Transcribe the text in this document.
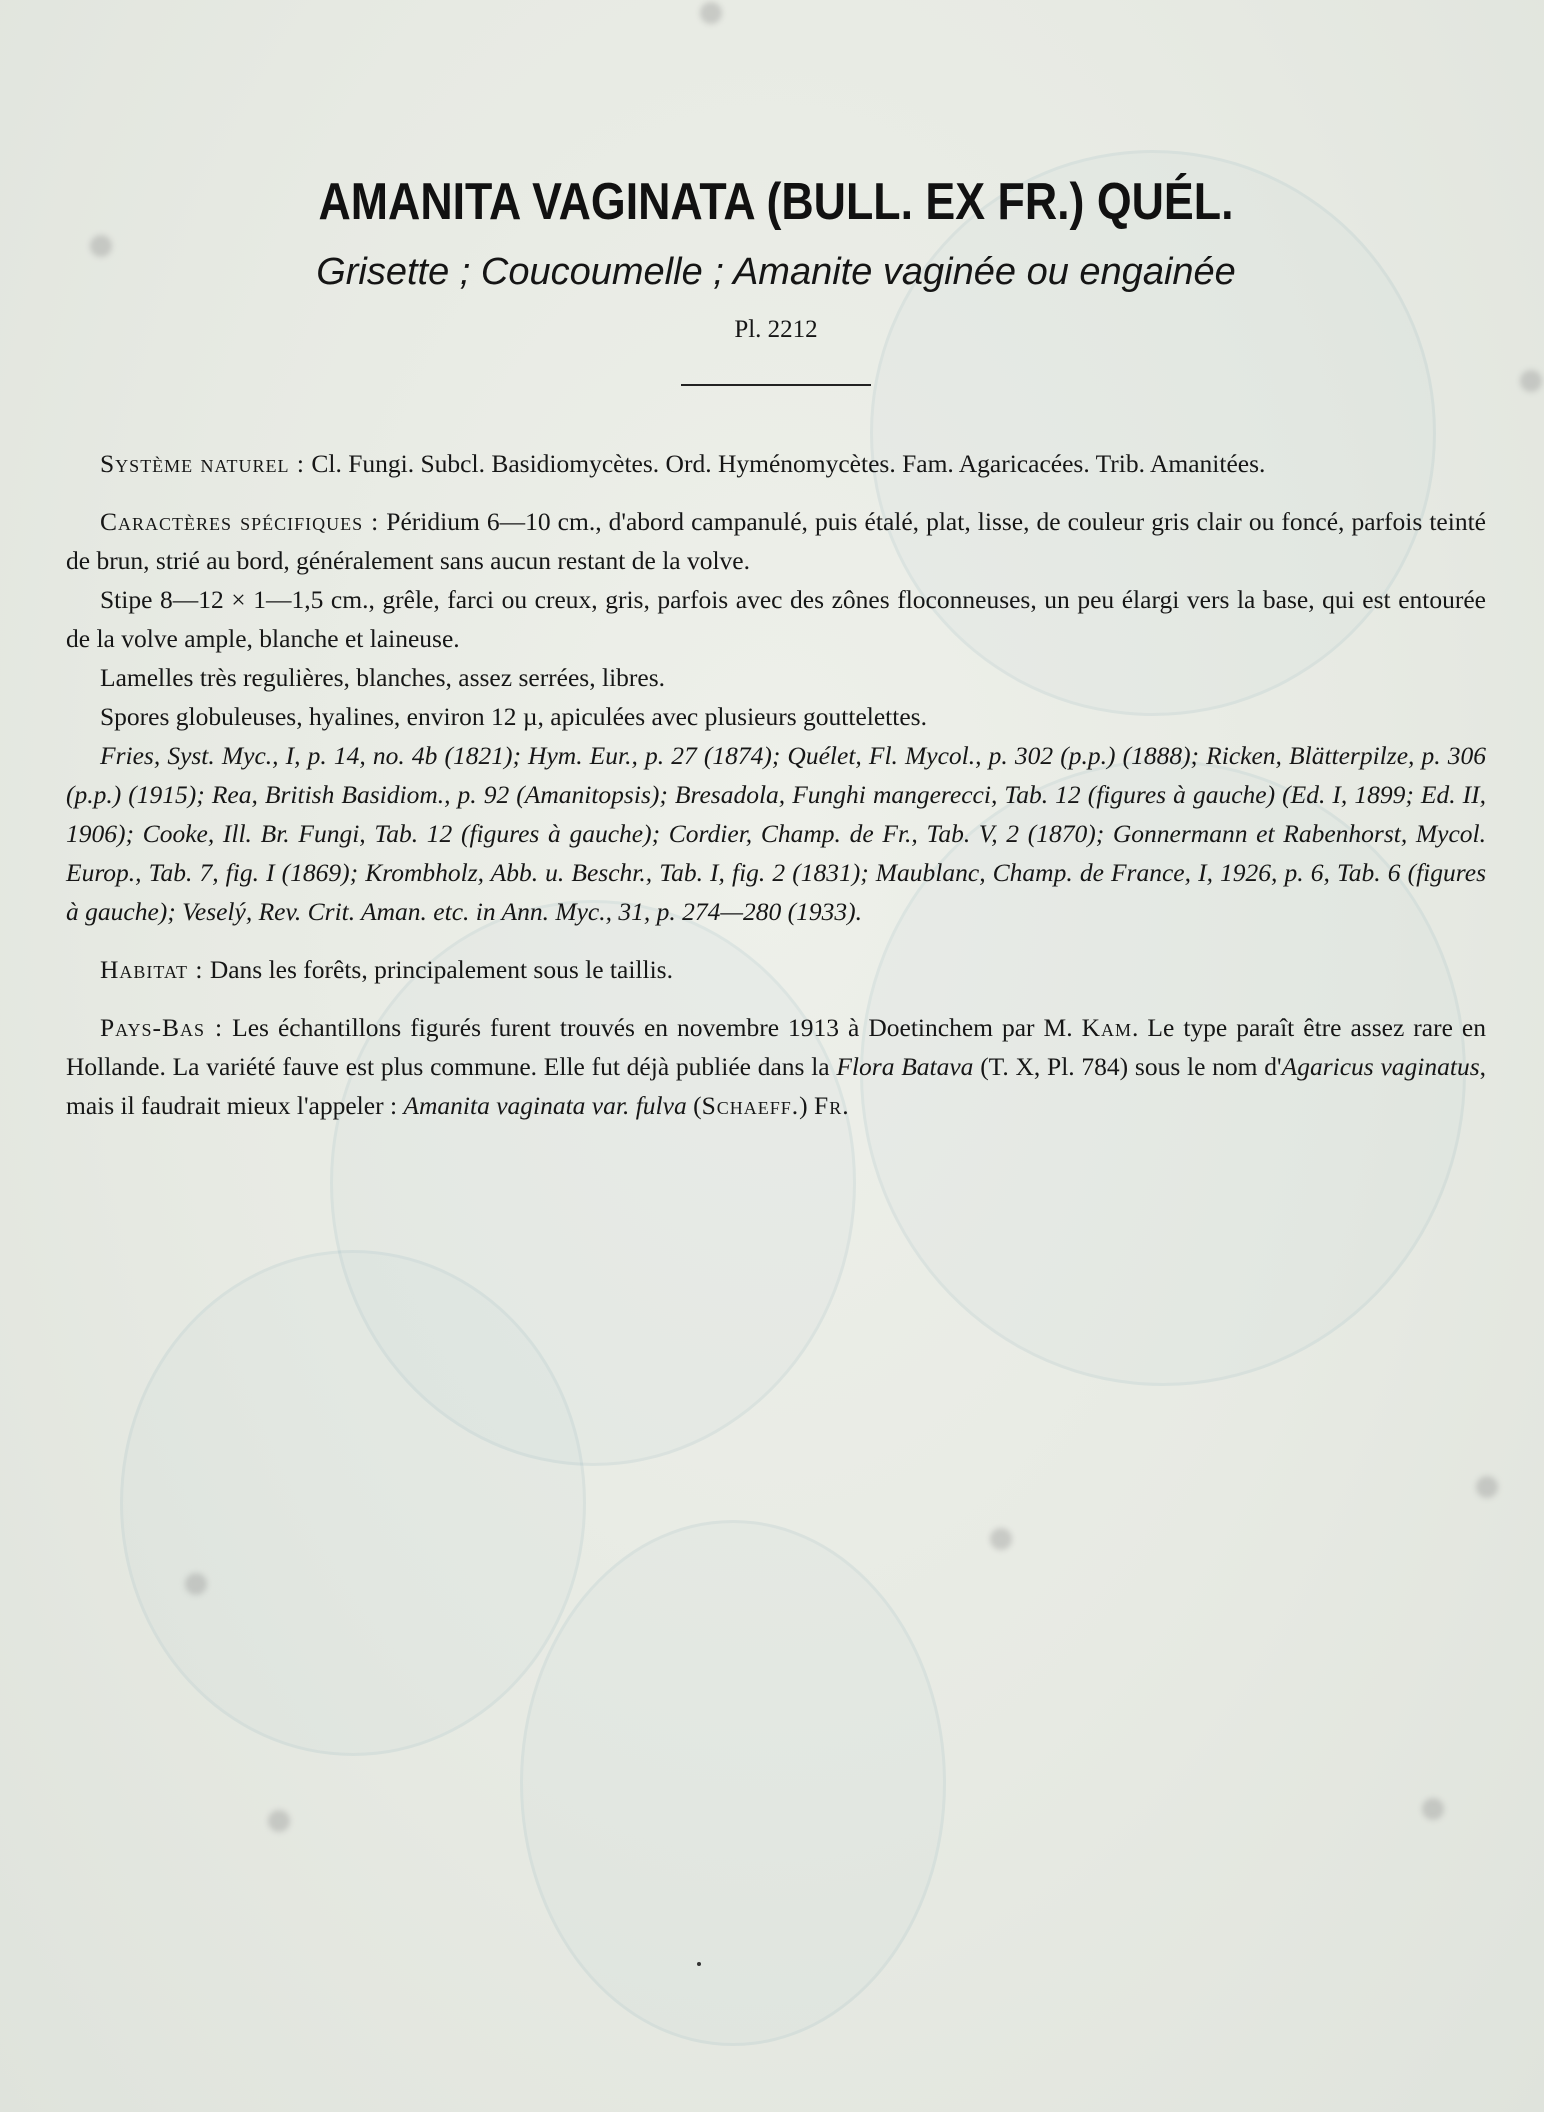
AMANITA VAGINATA (BULL. EX FR.) QUÉL.
Grisette ; Coucoumelle ; Amanite vaginée ou engainée
Pl. 2212

Système naturel : Cl. Fungi. Subcl. Basidiomycètes. Ord. Hyménomycètes. Fam. Agaricacées. Trib. Amanitées.

Caractères spécifiques : Péridium 6—10 cm., d'abord campanulé, puis étalé, plat, lisse, de couleur gris clair ou foncé, parfois teinté de brun, strié au bord, généralement sans aucun restant de la volve.

Stipe 8—12 × 1—1,5 cm., grêle, farci ou creux, gris, parfois avec des zônes floconneuses, un peu élargi vers la base, qui est entourée de la volve ample, blanche et laineuse.

Lamelles très regulières, blanches, assez serrées, libres.

Spores globuleuses, hyalines, environ 12 µ, apiculées avec plusieurs gouttelettes.

Fries, Syst. Myc., I, p. 14, no. 4b (1821); Hym. Eur., p. 27 (1874); Quélet, Fl. Mycol., p. 302 (p.p.) (1888); Ricken, Blätterpilze, p. 306 (p.p.) (1915); Rea, British Basidiom., p. 92 (Amanitopsis); Bresadola, Funghi mangerecci, Tab. 12 (figures à gauche) (Ed. I, 1899; Ed. II, 1906); Cooke, Ill. Br. Fungi, Tab. 12 (figures à gauche); Cordier, Champ. de Fr., Tab. V, 2 (1870); Gonnermann et Rabenhorst, Mycol. Europ., Tab. 7, fig. I (1869); Krombholz, Abb. u. Beschr., Tab. I, fig. 2 (1831); Maublanc, Champ. de France, I, 1926, p. 6, Tab. 6 (figures à gauche); Veselý, Rev. Crit. Aman. etc. in Ann. Myc., 31, p. 274—280 (1933).

Habitat : Dans les forêts, principalement sous le taillis.

Pays-Bas : Les échantillons figurés furent trouvés en novembre 1913 à Doetinchem par M. Kam. Le type paraît être assez rare en Hollande. La variété fauve est plus commune. Elle fut déjà publiée dans la Flora Batava (T. X, Pl. 784) sous le nom d'Agaricus vaginatus, mais il faudrait mieux l'appeler : Amanita vaginata var. fulva (Schaeff.) Fr.
